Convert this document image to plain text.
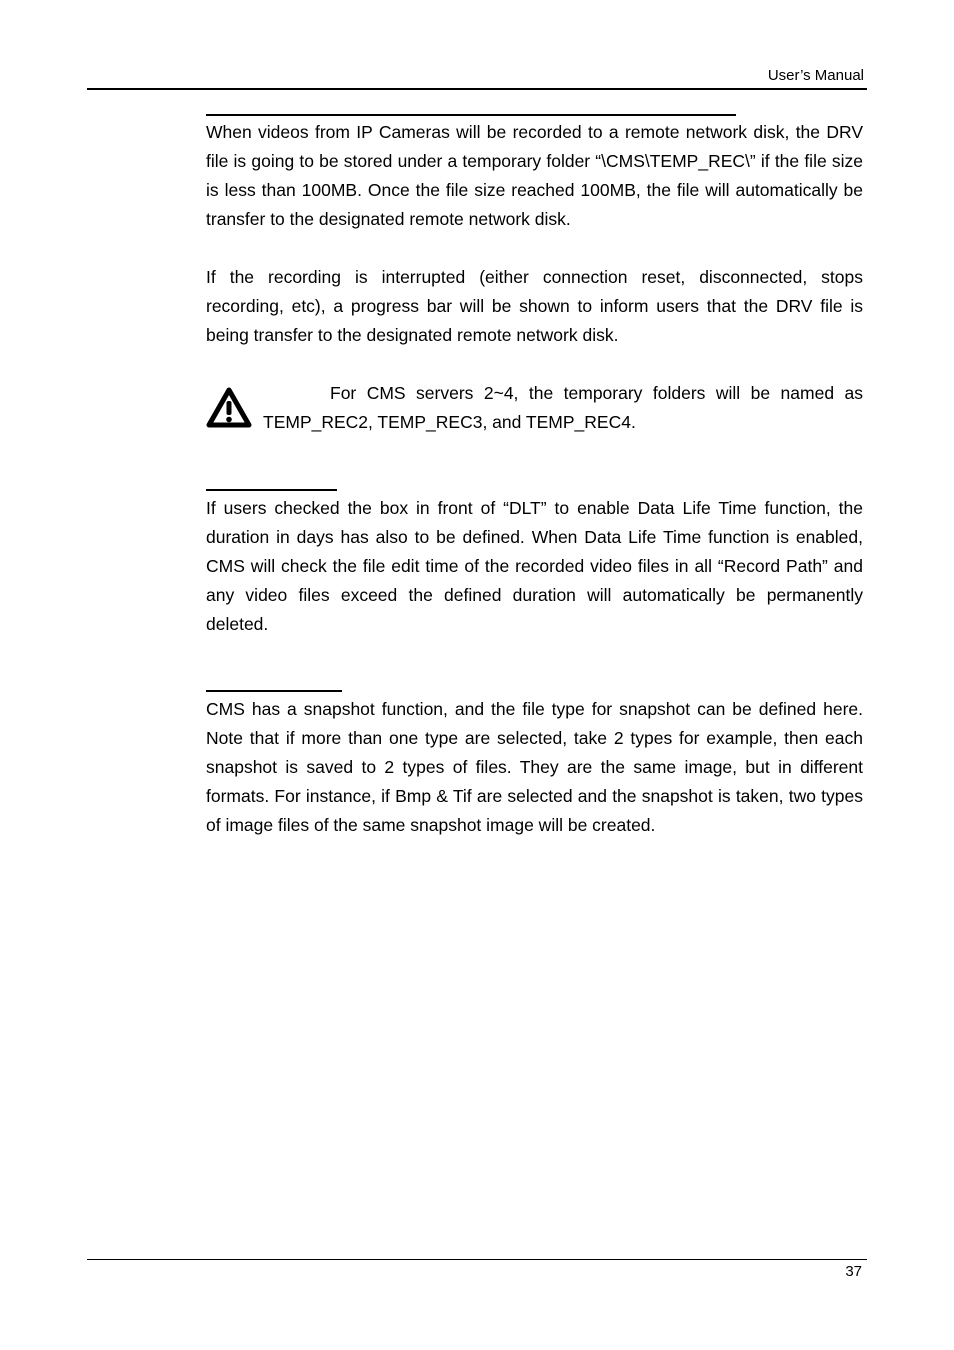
User’s Manual

When videos from IP Cameras will be recorded to a remote network disk, the DRV file is going to be stored under a temporary folder “\CMS\TEMP_REC\” if the file size is less than 100MB. Once the file size reached 100MB, the file will automatically be transfer to the designated remote network disk.

If the recording is interrupted (either connection reset, disconnected, stops recording, etc), a progress bar will be shown to inform users that the DRV file is being transfer to the designated remote network disk.

For CMS servers 2~4, the temporary folders will be named as TEMP_REC2, TEMP_REC3, and TEMP_REC4.

If users checked the box in front of “DLT” to enable Data Life Time function, the duration in days has also to be defined. When Data Life Time function is enabled, CMS will check the file edit time of the recorded video files in all “Record Path” and any video files exceed the defined duration will automatically be permanently deleted.

CMS has a snapshot function, and the file type for snapshot can be defined here. Note that if more than one type are selected, take 2 types for example, then each snapshot is saved to 2 types of files. They are the same image, but in different formats. For instance, if Bmp & Tif are selected and the snapshot is taken, two types of image files of the same snapshot image will be created.

37
